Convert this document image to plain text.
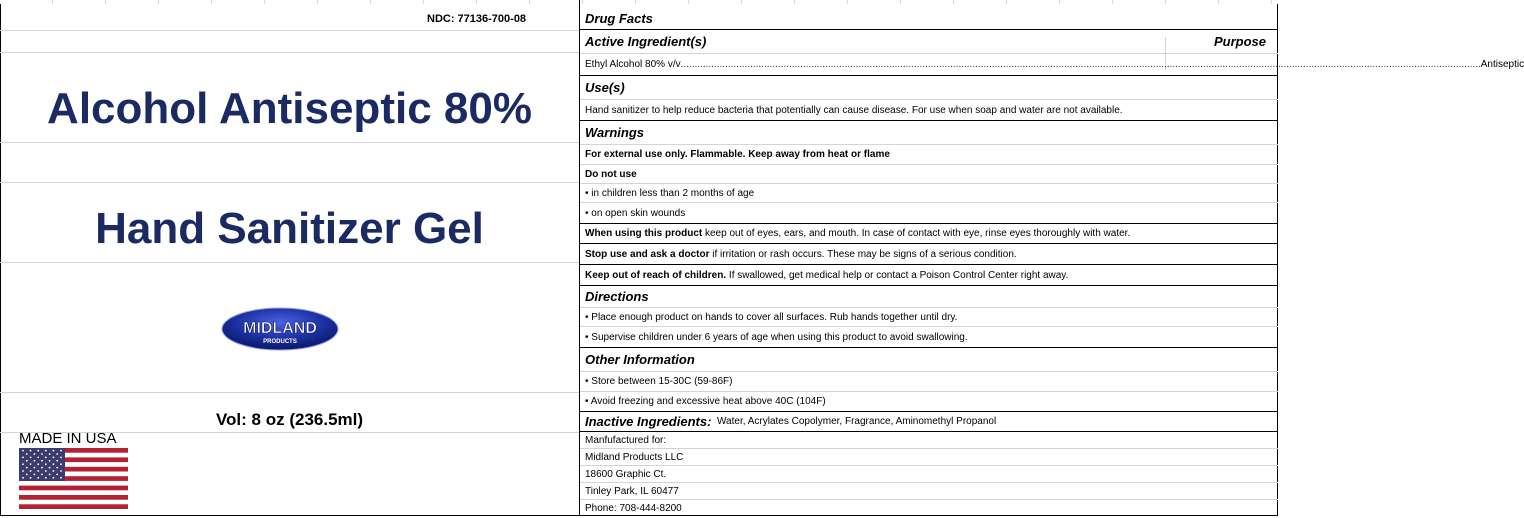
NDC: 77136-700-08
Alcohol Antiseptic 80%
Hand Sanitizer Gel
MIDLAND
PRODUCTS
Vol: 8 oz (236.5ml)
MADE IN USA
Drug Facts
Active Ingredient(s)	Purpose
Ethyl Alcohol 80% v/v ................................................................................................................................................................................................................................................................................................ Antiseptic
Use(s)
Hand sanitizer to help reduce bacteria that potentially can cause disease. For use when soap and water are not available.
Warnings
For external use only. Flammable. Keep away from heat or flame
Do not use
• in children less than 2 months of age
• on open skin wounds
When using this product keep out of eyes, ears, and mouth. In case of contact with eye, rinse eyes thoroughly with water.
Stop use and ask a doctor if irritation or rash occurs. These may be signs of a serious condition.
Keep out of reach of children. If swallowed, get medical help or contact a Poison Control Center right away.
Directions
• Place enough product on hands to cover all surfaces. Rub hands together until dry.
• Supervise children under 6 years of age when using this product to avoid swallowing.
Other Information
• Store between 15-30C (59-86F)
• Avoid freezing and excessive heat above 40C (104F)
Inactive Ingredients: Water, Acrylates Copolymer, Fragrance, Aminomethyl Propanol
Manfufactured for:
Midland Products LLC
18600 Graphic Ct.
Tinley Park, IL 60477
Phone: 708-444-8200
